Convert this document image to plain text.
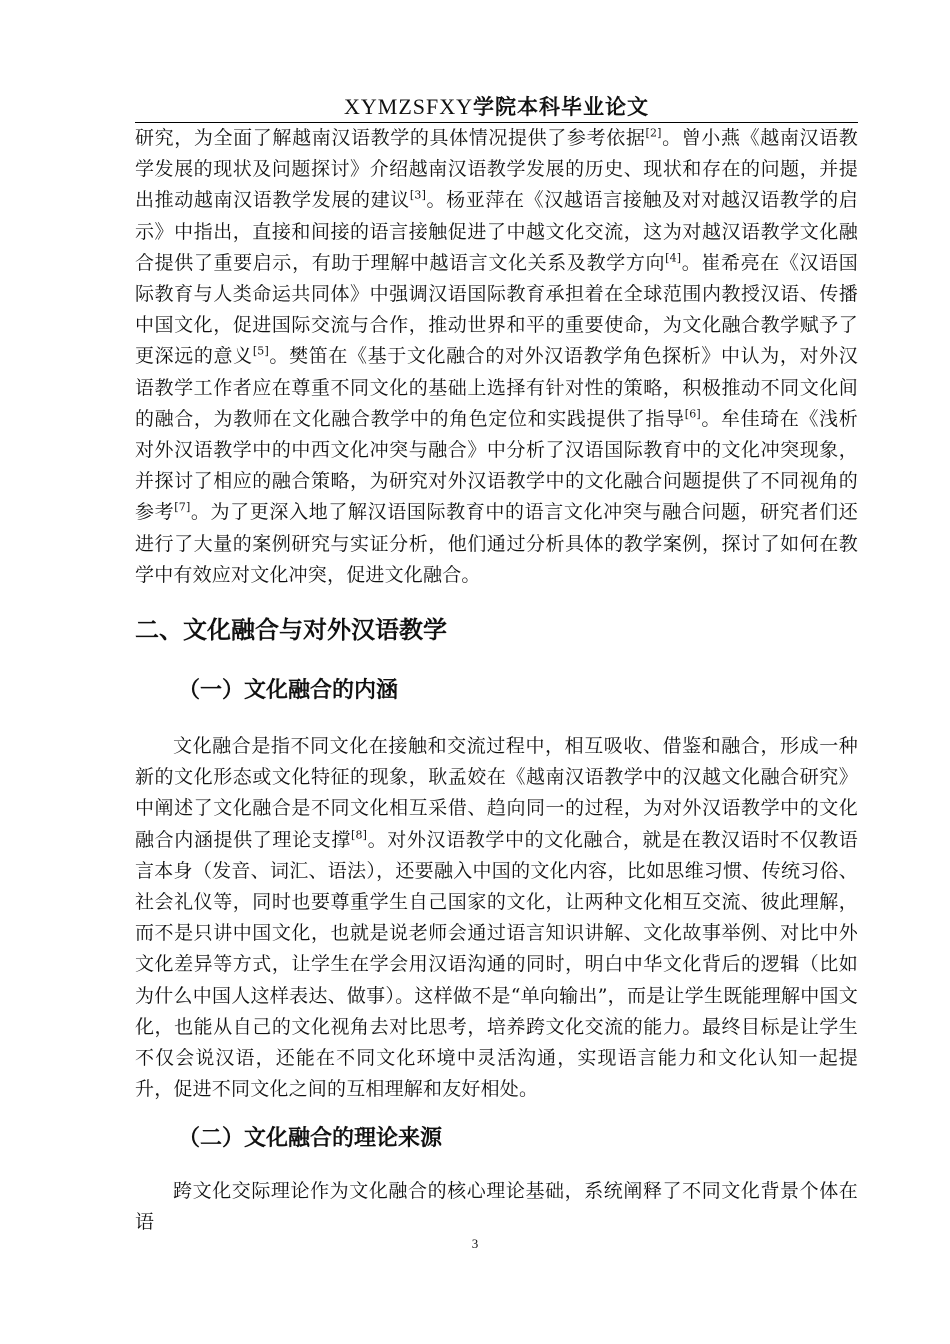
XYMZSFXY学院本科毕业论文

研究，为全面了解越南汉语教学的具体情况提供了参考依据[2]。曾小燕《越南汉语教学发展的现状及问题探讨》介绍越南汉语教学发展的历史、现状和存在的问题，并提出推动越南汉语教学发展的建议[3]。杨亚萍在《汉越语言接触及对对越汉语教学的启示》中指出，直接和间接的语言接触促进了中越文化交流，这为对越汉语教学文化融合提供了重要启示，有助于理解中越语言文化关系及教学方向[4]。崔希亮在《汉语国际教育与人类命运共同体》中强调汉语国际教育承担着在全球范围内教授汉语、传播中国文化，促进国际交流与合作，推动世界和平的重要使命，为文化融合教学赋予了更深远的意义[5]。樊笛在《基于文化融合的对外汉语教学角色探析》中认为，对外汉语教学工作者应在尊重不同文化的基础上选择有针对性的策略，积极推动不同文化间的融合，为教师在文化融合教学中的角色定位和实践提供了指导[6]。牟佳琦在《浅析对外汉语教学中的中西文化冲突与融合》中分析了汉语国际教育中的文化冲突现象，并探讨了相应的融合策略，为研究对外汉语教学中的文化融合问题提供了不同视角的参考[7]。为了更深入地了解汉语国际教育中的语言文化冲突与融合问题，研究者们还进行了大量的案例研究与实证分析，他们通过分析具体的教学案例，探讨了如何在教学中有效应对文化冲突，促进文化融合。

二、文化融合与对外汉语教学
（一）文化融合的内涵

文化融合是指不同文化在接触和交流过程中，相互吸收、借鉴和融合，形成一种新的文化形态或文化特征的现象，耿孟姣在《越南汉语教学中的汉越文化融合研究》中阐述了文化融合是不同文化相互采借、趋向同一的过程，为对外汉语教学中的文化融合内涵提供了理论支撑[8]。对外汉语教学中的文化融合，就是在教汉语时不仅教语言本身（发音、词汇、语法），还要融入中国的文化内容，比如思维习惯、传统习俗、社会礼仪等，同时也要尊重学生自己国家的文化，让两种文化相互交流、彼此理解，而不是只讲中国文化，也就是说老师会通过语言知识讲解、文化故事举例、对比中外文化差异等方式，让学生在学会用汉语沟通的同时，明白中华文化背后的逻辑（比如为什么中国人这样表达、做事）。这样做不是“单向输出”，而是让学生既能理解中国文化，也能从自己的文化视角去对比思考，培养跨文化交流的能力。最终目标是让学生不仅会说汉语，还能在不同文化环境中灵活沟通，实现语言能力和文化认知一起提升，促进不同文化之间的互相理解和友好相处。

（二）文化融合的理论来源

跨文化交际理论作为文化融合的核心理论基础，系统阐释了不同文化背景个体在语

3
